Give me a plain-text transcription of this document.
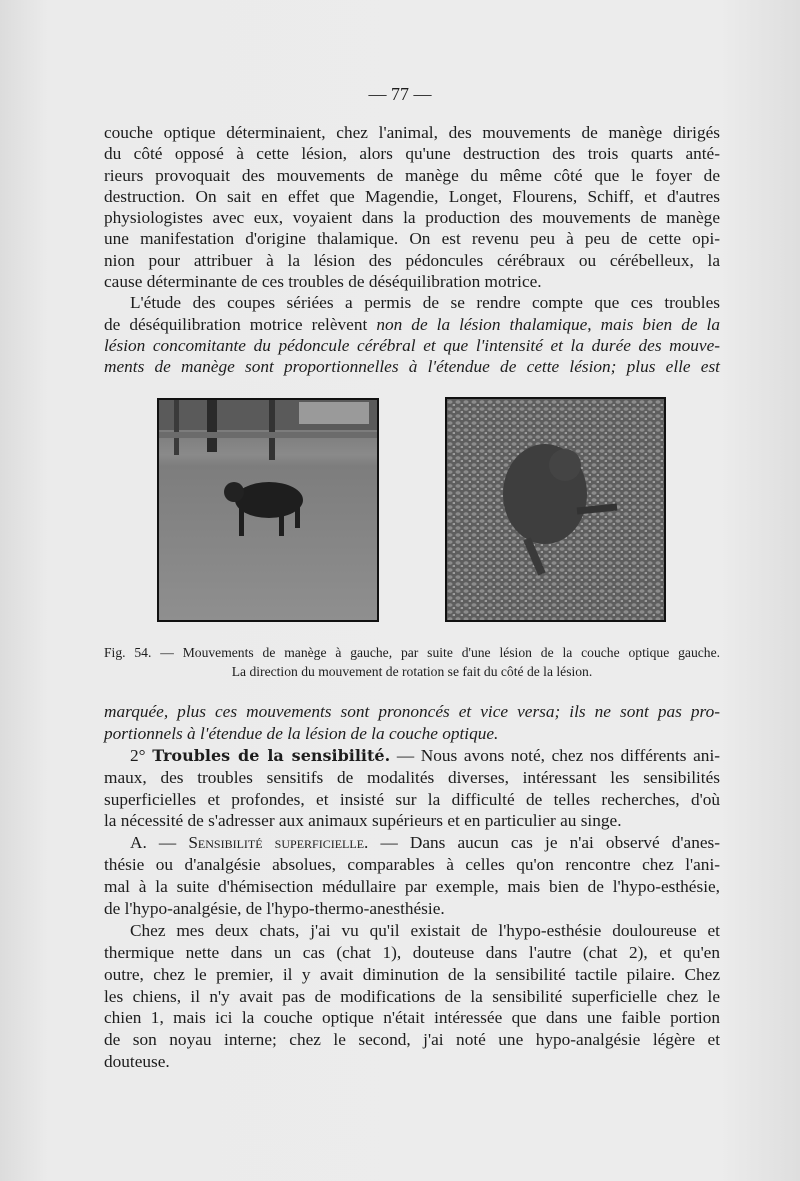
— 77 —
couche optique déterminaient, chez l'animal, des mouvements de manège dirigés
du côté opposé à cette lésion, alors qu'une destruction des trois quarts anté-
rieurs provoquait des mouvements de manège du même côté que le foyer de
destruction. On sait en effet que Magendie, Longet, Flourens, Schiff, et d'autres
physiologistes avec eux, voyaient dans la production des mouvements de manège
une manifestation d'origine thalamique. On est revenu peu à peu de cette opi-
nion pour attribuer à la lésion des pédoncules cérébraux ou cérébelleux, la
cause déterminante de ces troubles de déséquilibration motrice.
L'étude des coupes sériées a permis de se rendre compte que ces troubles
de déséquilibration motrice relèvent non de la lésion thalamique, mais bien de la
lésion concomitante du pédoncule cérébral et que l'intensité et la durée des mouve-
ments de manège sont proportionnelles à l'étendue de cette lésion; plus elle est
Fig. 54. — Mouvements de manège à gauche, par suite d'une lésion de la couche optique gauche.
La direction du mouvement de rotation se fait du côté de la lésion.
marquée, plus ces mouvements sont prononcés et vice versa; ils ne sont pas pro-
portionnels à l'étendue de la lésion de la couche optique.
2° Troubles de la sensibilité. — Nous avons noté, chez nos différents ani-
maux, des troubles sensitifs de modalités diverses, intéressant les sensibilités
superficielles et profondes, et insisté sur la difficulté de telles recherches, d'où
la nécessité de s'adresser aux animaux supérieurs et en particulier au singe.
A. — Sensibilité superficielle. — Dans aucun cas je n'ai observé d'anes-
thésie ou d'analgésie absolues, comparables à celles qu'on rencontre chez l'ani-
mal à la suite d'hémisection médullaire par exemple, mais bien de l'hypo-esthésie,
de l'hypo-analgésie, de l'hypo-thermo-anesthésie.
Chez mes deux chats, j'ai vu qu'il existait de l'hypo-esthésie douloureuse et
thermique nette dans un cas (chat 1), douteuse dans l'autre (chat 2), et qu'en
outre, chez le premier, il y avait diminution de la sensibilité tactile pilaire. Chez
les chiens, il n'y avait pas de modifications de la sensibilité superficielle chez le
chien 1, mais ici la couche optique n'était intéressée que dans une faible portion
de son noyau interne; chez le second, j'ai noté une hypo-analgésie légère et
douteuse.
